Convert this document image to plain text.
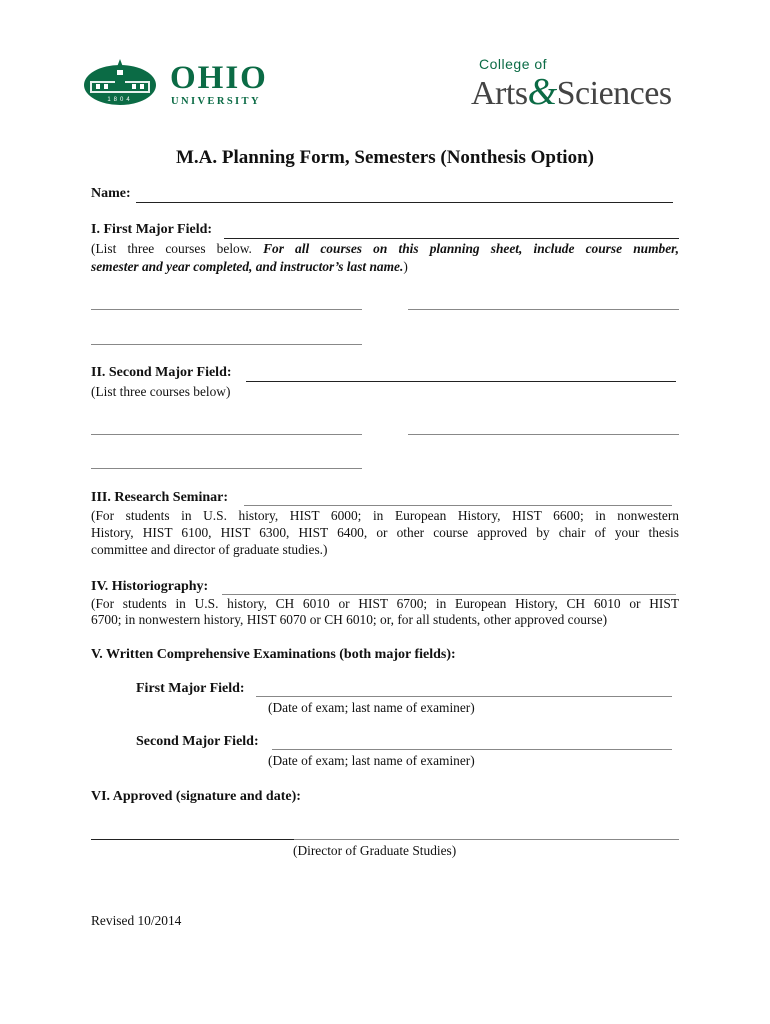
1804
OHIO
UNIVERSITY
College of
Arts&Sciences
M.A. Planning Form, Semesters (Nonthesis Option)
Name:
I. First Major Field:
(List three courses below. For all courses on this planning sheet, include course number,
semester and year completed, and instructor’s last name.)
II. Second Major Field:
(List three courses below)
III. Research Seminar:
(For students in U.S. history, HIST 6000; in European History, HIST 6600; in nonwestern
History, HIST 6100, HIST 6300, HIST 6400, or other course approved by chair of your thesis
committee and director of graduate studies.)
IV. Historiography:
(For students in U.S. history, CH 6010 or HIST 6700; in European History, CH 6010 or HIST
6700; in nonwestern history, HIST 6070 or CH 6010; or, for all students, other approved course)
V. Written Comprehensive Examinations (both major fields):
First Major Field:
(Date of exam; last name of examiner)
Second Major Field:
(Date of exam; last name of examiner)
VI. Approved (signature and date):
(Director of Graduate Studies)
Revised 10/2014
